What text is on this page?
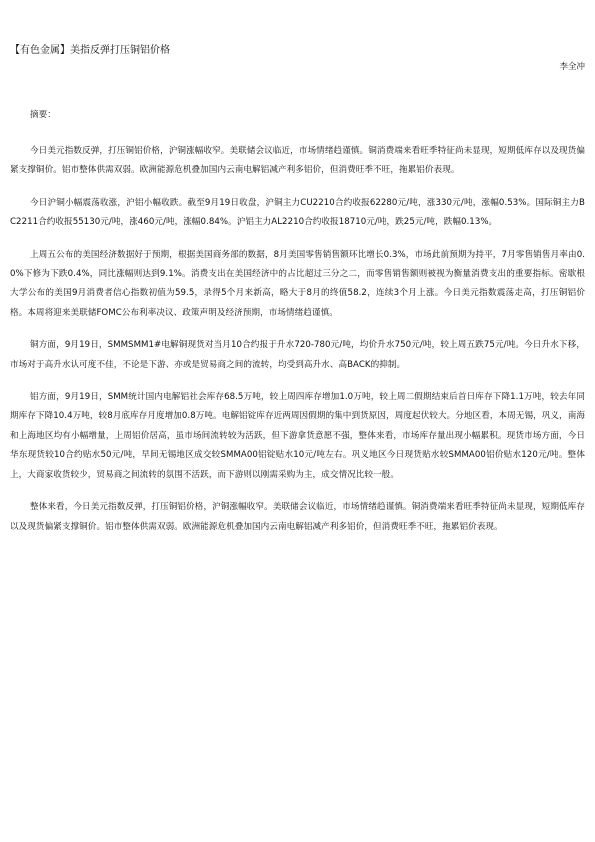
【有色金属】美指反弹打压铜铝价格
李全冲

摘要：

今日美元指数反弹，打压铜铝价格，沪铜涨幅收窄。美联储会议临近，市场情绪趋谨慎。铜消费端来看旺季特征尚未显现，短期低库存以及现货偏紧支撑铜价。铝市整体供需双弱。欧洲能源危机叠加国内云南电解铝减产利多铝价，但消费旺季不旺，拖累铝价表现。

今日沪铜小幅震荡收涨，沪铝小幅收跌。截至9月19日收盘，沪铜主力CU2210合约收报62280元/吨，涨330元/吨，涨幅0.53%。国际铜主力BC2211合约收报55130元/吨，涨460元/吨，涨幅0.84%。沪铝主力AL2210合约收报18710元/吨，跌25元/吨，跌幅0.13%。

上周五公布的美国经济数据好于预期，根据美国商务部的数据，8月美国零售销售额环比增长0.3%，市场此前预期为持平，7月零售销售月率由0.0%下修为下跌0.4%，同比涨幅则达到9.1%。消费支出在美国经济中的占比超过三分之二，而零售销售额则被视为衡量消费支出的重要指标。密歇根大学公布的美国9月消费者信心指数初值为59.5，录得5个月来新高，略大于8月的终值58.2，连续3个月上涨。今日美元指数震荡走高，打压铜铝价格。本周将迎来美联储FOMC公布利率决议、政策声明及经济预期，市场情绪趋谨慎。

铜方面，9月19日，SMMSMM1#电解铜现货对当月10合约报于升水720-780元/吨，均价升水750元/吨，较上周五跌75元/吨。今日升水下移，市场对于高升水认可度不佳，不论是下游、亦或是贸易商之间的流转，均受到高升水、高BACK的抑制。

铝方面，9月19日，SMM统计国内电解铝社会库存68.5万吨，较上周四库存增加1.0万吨，较上周二假期结束后首日库存下降1.1万吨，较去年同期库存下降10.4万吨，较8月底库存月度增加0.8万吨。电解铝锭库存近两周因假期的集中到货原因，周度起伏较大。分地区看，本周无锡，巩义，南海和上海地区均有小幅增量，上周铝价居高，虽市场间流转较为活跃，但下游拿货意愿不强，整体来看，市场库存量出现小幅累积。现货市场方面，今日华东现货较10合约贴水50元/吨，早间无锡地区成交较SMMA00铝锭贴水10元/吨左右。巩义地区今日现货贴水较SMMA00铝价贴水120元/吨。整体上，大商家收货较少，贸易商之间流转的氛围不活跃，而下游则以刚需采购为主，成交情况比较一般。

整体来看，今日美元指数反弹，打压铜铝价格，沪铜涨幅收窄。美联储会议临近，市场情绪趋谨慎。铜消费端来看旺季特征尚未显现，短期低库存以及现货偏紧支撑铜价。铝市整体供需双弱。欧洲能源危机叠加国内云南电解铝减产利多铝价，但消费旺季不旺，拖累铝价表现。
